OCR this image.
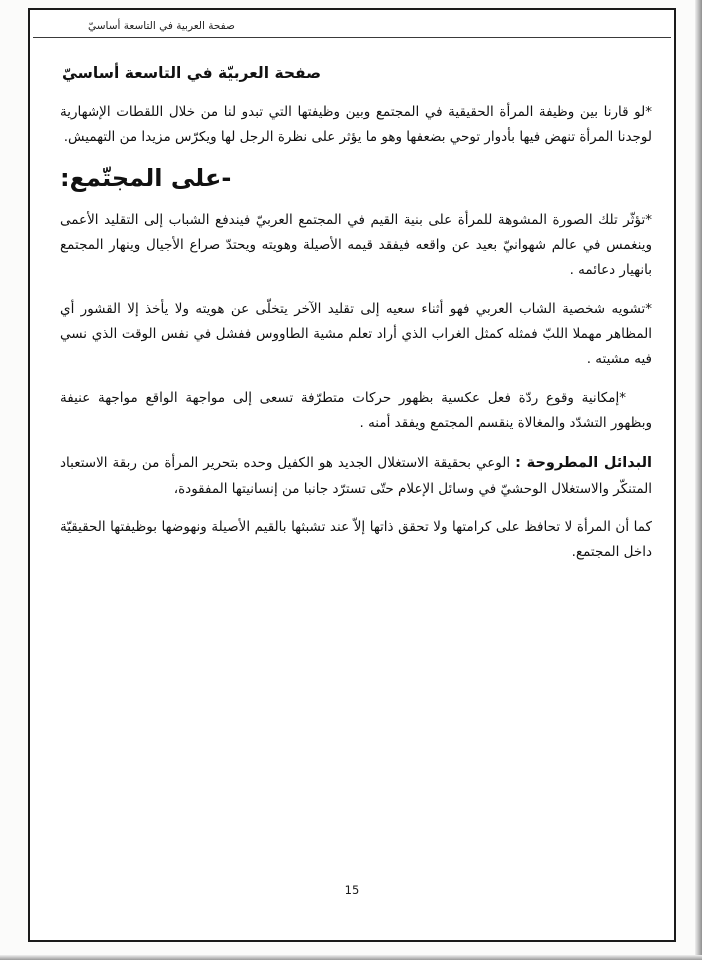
صفحة العربية في التاسعة أساسيّ
صفحة العربيّة في التاسعة أساسيّ

*لو قارنا بين وظيفة المرأة الحقيقية في المجتمع وبين وظيفتها التي تبدو لنا من خلال اللقطات الإشهارية لوجدنا المرأة تنهض فيها بأدوار توحي بضعفها وهو ما يؤثر على نظرة الرجل لها ويكرّس مزيدا من التهميش.

-على المجتّمع:

*تؤثّر تلك الصورة المشوهة للمرأة على بنية القيم في المجتمع العربيّ فيندفع الشباب إلى التقليد الأعمى وينغمس في عالم شهوانيّ بعيد عن واقعه فيفقد قيمه الأصيلة وهويته ويحتدّ صراع الأجيال وينهار المجتمع بانهيار دعائمه .

*تشويه شخصية الشاب العربي فهو أثناء سعيه إلى تقليد الآخر يتخلّى عن هويته ولا يأخذ إلا القشور أي المظاهر مهملا اللبّ فمثله كمثل الغراب الذي أراد تعلم مشية الطاووس ففشل في نفس الوقت الذي نسي فيه مشيته .

*إمكانية وقوع ردّة فعل عكسية بظهور حركات متطرّفة تسعى إلى مواجهة الواقع مواجهة عنيفة وبظهور التشدّد والمغالاة ينقسم المجتمع ويفقد أمنه .

البدائل المطروحة : الوعي بحقيقة الاستغلال الجديد هو الكفيل وحده بتحرير المرأة من ربقة الاستعباد المتنكّر والاستغلال الوحشيّ في وسائل الإعلام حتّى تسترّد جانبا من إنسانيتها المفقودة،

كما أن المرأة لا تحافظ على كرامتها ولا تحقق ذاتها إلاّ عند تشبثها بالقيم الأصيلة ونهوضها بوظيفتها الحقيقيّة داخل المجتمع.

15
